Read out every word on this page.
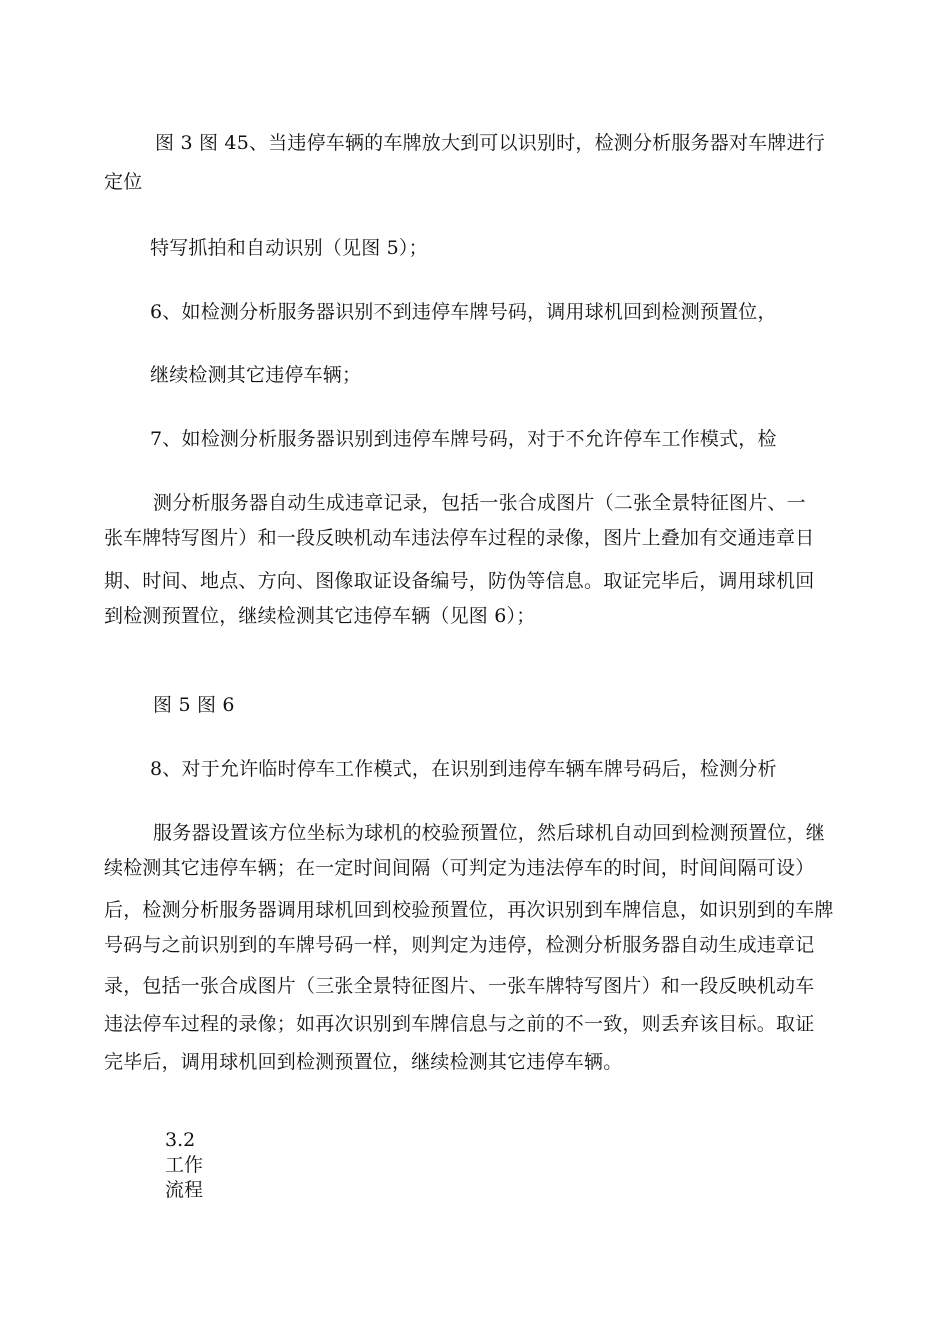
图 3 图 45、当违停车辆的车牌放大到可以识别时，检测分析服务器对车牌进行
定位
特写抓拍和自动识别（见图 5）；
6、如检测分析服务器识别不到违停车牌号码，调用球机回到检测预置位，
继续检测其它违停车辆；
7、如检测分析服务器识别到违停车牌号码，对于不允许停车工作模式，检
测分析服务器自动生成违章记录，包括一张合成图片（二张全景特征图片、一
张车牌特写图片）和一段反映机动车违法停车过程的录像，图片上叠加有交通违章日
期、时间、地点、方向、图像取证设备编号，防伪等信息。取证完毕后，调用球机回
到检测预置位，继续检测其它违停车辆（见图 6）；
图 5 图 6
8、对于允许临时停车工作模式，在识别到违停车辆车牌号码后，检测分析
服务器设置该方位坐标为球机的校验预置位，然后球机自动回到检测预置位，继
续检测其它违停车辆；在一定时间间隔（可判定为违法停车的时间，时间间隔可设）
后，检测分析服务器调用球机回到校验预置位，再次识别到车牌信息，如识别到的车牌
号码与之前识别到的车牌号码一样，则判定为违停，检测分析服务器自动生成违章记
录，包括一张合成图片（三张全景特征图片、一张车牌特写图片）和一段反映机动车
违法停车过程的录像；如再次识别到车牌信息与之前的不一致，则丢弃该目标。取证
完毕后，调用球机回到检测预置位，继续检测其它违停车辆。
3.2
工作
流程
